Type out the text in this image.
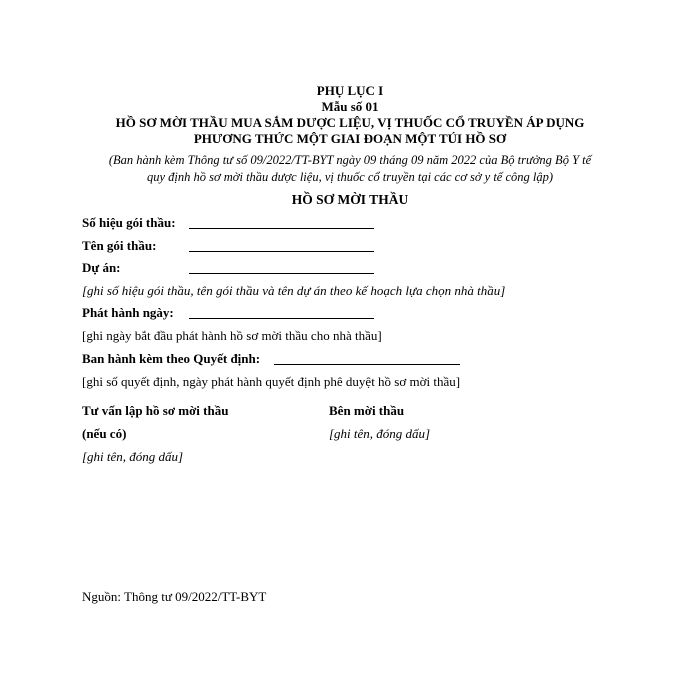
PHỤ LỤC I
Mẫu số 01
HỒ SƠ MỜI THẦU MUA SẮM DƯỢC LIỆU, VỊ THUỐC CỔ TRUYỀN ÁP DỤNG
PHƯƠNG THỨC MỘT GIAI ĐOẠN MỘT TÚI HỒ SƠ
(Ban hành kèm Thông tư số 09/2022/TT-BYT ngày 09 tháng 09 năm 2022 của Bộ trưởng Bộ Y tế
quy định hồ sơ mời thầu dược liệu, vị thuốc cổ truyền tại các cơ sở y tế công lập)
HỒ SƠ MỜI THẦU
Số hiệu gói thầu:
Tên gói thầu:
Dự án:
[ghi số hiệu gói thầu, tên gói thầu và tên dự án theo kế hoạch lựa chọn nhà thầu]
Phát hành ngày:
[ghi ngày bắt đầu phát hành hồ sơ mời thầu cho nhà thầu]
Ban hành kèm theo Quyết định:
[ghi số quyết định, ngày phát hành quyết định phê duyệt hồ sơ mời thầu]
Tư vấn lập hồ sơ mời thầu
(nếu có)
[ghi tên, đóng dấu]
Bên mời thầu
[ghi tên, đóng dấu]
Nguồn: Thông tư 09/2022/TT-BYT
